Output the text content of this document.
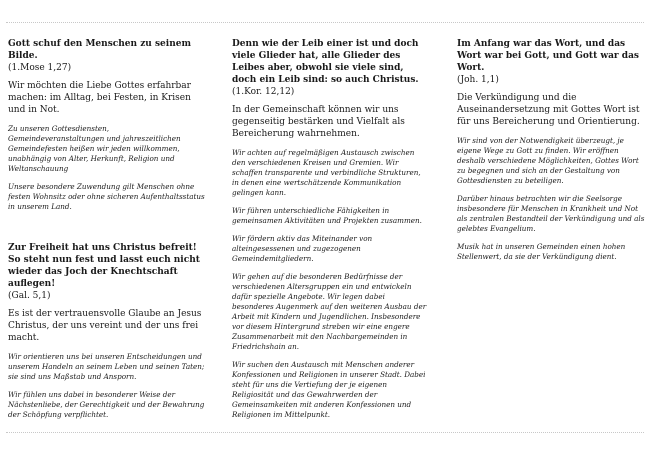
Gott schuf den Menschen zu seinem Bilde.

(1.Mose 1,27)

Wir möchten die Liebe Gottes erfahrbar machen: im Alltag, bei Festen, in Krisen und in Not.

Zu unseren Gottesdiensten, Gemeindeveranstaltungen und jahreszeitlichen Gemeindefesten heißen wir jeden willkommen, unabhängig von Alter, Herkunft, Religion und Weltanschauung

Unsere besondere Zuwendung gilt Menschen ohne festen Wohnsitz oder ohne sicheren Aufenthaltsstatus in unserem Land.

Zur Freiheit hat uns Christus befreit! So steht nun fest und lasst euch nicht wieder das Joch der Knechtschaft auflegen!

(Gal. 5,1)

Es ist der vertrauensvolle Glaube an Jesus Christus, der uns vereint und der uns frei macht.

Wir orientieren uns bei unseren Entscheidungen und unserem Handeln an seinem Leben und seinen Taten; sie sind uns Maßstab und Ansporn.

Wir fühlen uns dabei in besonderer Weise der Nächstenliebe, der Gerechtigkeit und der Bewahrung der Schöpfung verpflichtet.

Denn wie der Leib einer ist und doch viele Glieder hat, alle Glieder des Leibes aber, obwohl sie viele sind, doch ein Leib sind: so auch Christus.

(1.Kor. 12,12)

In der Gemeinschaft können wir uns gegenseitig bestärken und Vielfalt als Bereicherung wahrnehmen.

Wir achten auf regelmäßigen Austausch zwischen den verschiedenen Kreisen und Gremien. Wir schaffen transparente und verbindliche Strukturen, in denen eine wertschätzende Kommunikation gelingen kann.

Wir führen unterschiedliche Fähigkeiten in gemeinsamen Aktivitäten und Projekten zusammen.

Wir fördern aktiv das Miteinander von alteingesessenen und zugezogenen Gemeindemitgliedern.

Wir gehen auf die besonderen Bedürfnisse der verschiedenen Altersgruppen ein und entwickeln dafür spezielle Angebote. Wir legen dabei besonderes Augenmerk auf den weiteren Ausbau der Arbeit mit Kindern und Jugendlichen. Insbesondere vor diesem Hintergrund streben wir eine engere Zusammenarbeit mit den Nachbargemeinden in Friedrichshain an.

Wir suchen den Austausch mit Menschen anderer Konfessionen und Religionen in unserer Stadt. Dabei steht für uns die Vertiefung der je eigenen Religiosität und das Gewahrwerden der Gemeinsamkeiten mit anderen Konfessionen und Religionen im Mittelpunkt.

Im Anfang war das Wort, und das Wort war bei Gott, und Gott war das Wort.

(Joh. 1,1)

Die Verkündigung und die Auseinandersetzung mit Gottes Wort ist für uns Bereicherung und Orientierung.

Wir sind von der Notwendigkeit überzeugt, je eigene Wege zu Gott zu finden. Wir eröffnen deshalb verschiedene Möglichkeiten, Gottes Wort zu begegnen und sich an der Gestaltung von Gottesdiensten zu beteiligen.

Darüber hinaus betrachten wir die Seelsorge insbesondere für Menschen in Krankheit und Not als zentralen Bestandteil der Verkündigung und als gelebtes Evangelium.

Musik hat in unseren Gemeinden einen hohen Stellenwert, da sie der Verkündigung dient.
